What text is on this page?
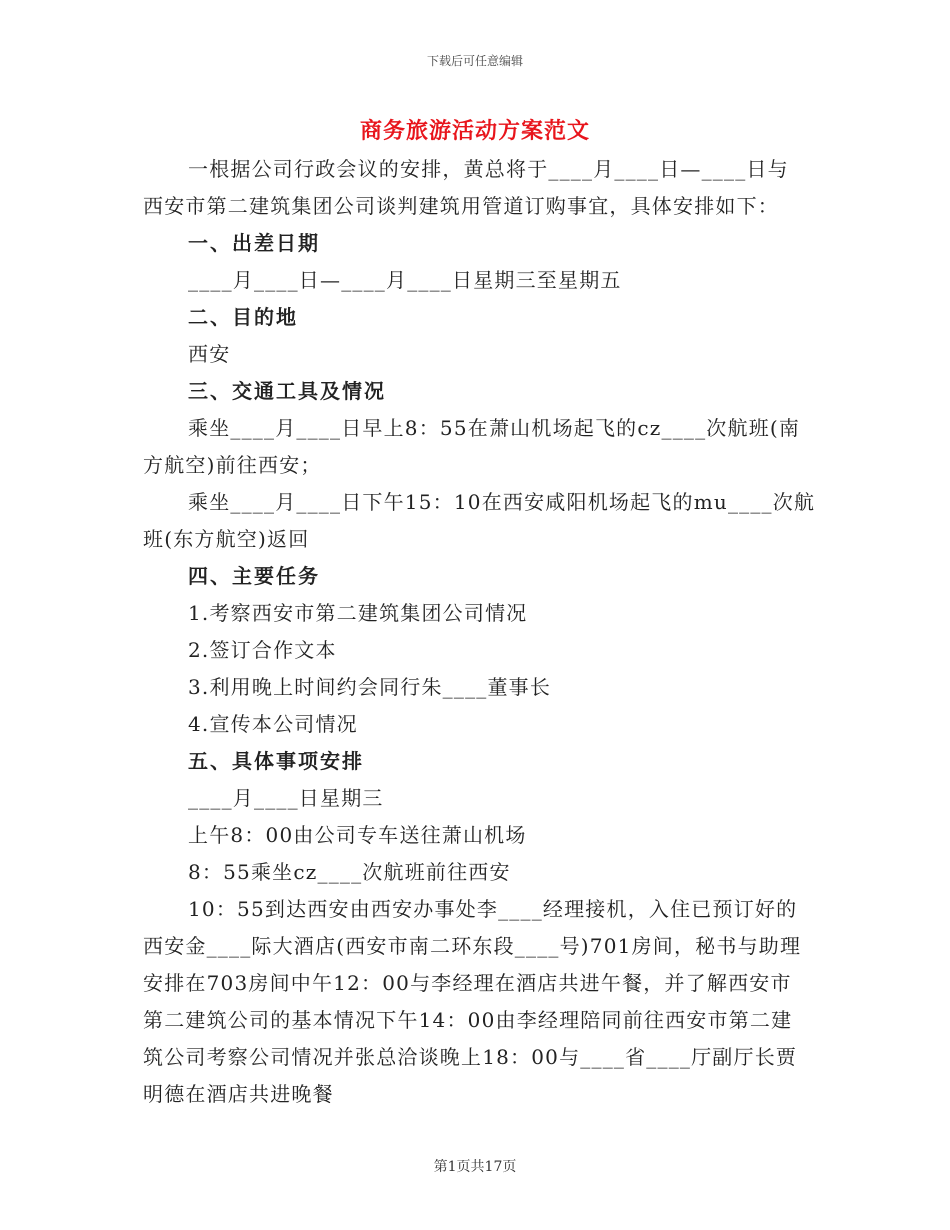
下载后可任意编辑
商务旅游活动方案范文
一根据公司行政会议的安排，黄总将于____月____日—____日与
西安市第二建筑集团公司谈判建筑用管道订购事宜，具体安排如下：
一、出差日期
____月____日—____月____日星期三至星期五
二、目的地
西安
三、交通工具及情况
乘坐____月____日早上8：55在萧山机场起飞的cz____次航班(南
方航空)前往西安；
乘坐____月____日下午15：10在西安咸阳机场起飞的mu____次航
班(东方航空)返回
四、主要任务
1.考察西安市第二建筑集团公司情况
2.签订合作文本
3.利用晚上时间约会同行朱____董事长
4.宣传本公司情况
五、具体事项安排
____月____日星期三
上午8：00由公司专车送往萧山机场
8：55乘坐cz____次航班前往西安
10：55到达西安由西安办事处李____经理接机，入住已预订好的
西安金____际大酒店(西安市南二环东段____号)701房间，秘书与助理
安排在703房间中午12：00与李经理在酒店共进午餐，并了解西安市
第二建筑公司的基本情况下午14：00由李经理陪同前往西安市第二建
筑公司考察公司情况并张总洽谈晚上18：00与____省____厅副厅长贾
明德在酒店共进晚餐
第1页共17页
